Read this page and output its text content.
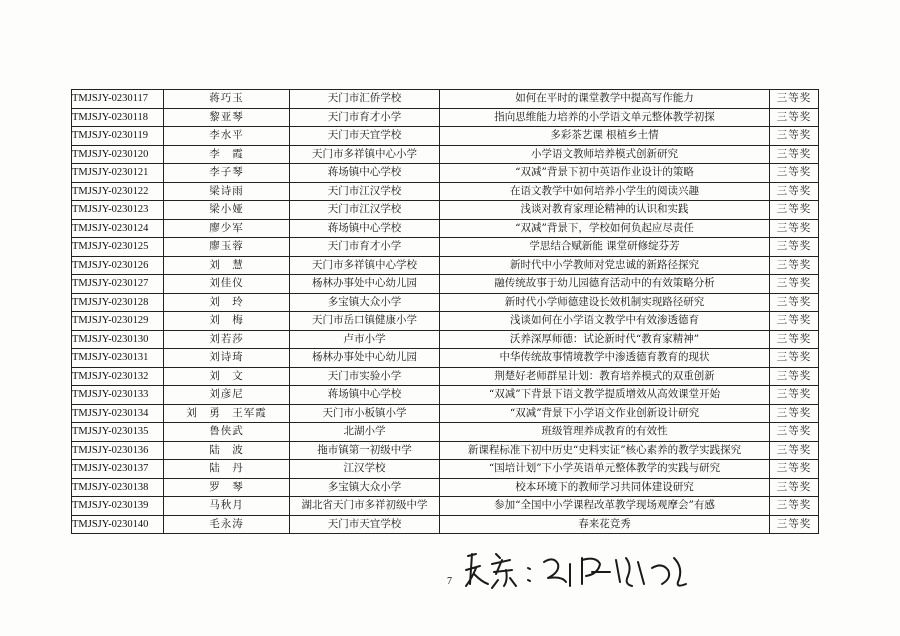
TMJSJY-0230117	蒋巧玉	天门市汇侨学校	如何在平时的课堂教学中提高写作能力	三等奖
TMJSJY-0230118	黎亚琴	天门市育才小学	指向思维能力培养的小学语文单元整体教学初探	三等奖
TMJSJY-0230119	李水平	天门市天宜学校	多彩茶艺课 根植乡土情	三等奖
TMJSJY-0230120	李　霞	天门市多祥镇中心小学	小学语文教师培养模式创新研究	三等奖
TMJSJY-0230121	李子琴	蒋场镇中心学校	“双减”背景下初中英语作业设计的策略	三等奖
TMJSJY-0230122	梁诗雨	天门市江汉学校	在语文教学中如何培养小学生的阅读兴趣	三等奖
TMJSJY-0230123	梁小娅	天门市江汉学校	浅谈对教育家理论精神的认识和实践	三等奖
TMJSJY-0230124	廖少军	蒋场镇中心学校	“双减”背景下，学校如何负起应尽责任	三等奖
TMJSJY-0230125	廖玉蓉	天门市育才小学	学思结合赋新能 课堂研修绽芬芳	三等奖
TMJSJY-0230126	刘　慧	天门市多祥镇中心学校	新时代中小学教师对党忠诚的新路径探究	三等奖
TMJSJY-0230127	刘佳仪	杨林办事处中心幼儿园	融传统故事于幼儿园德育活动中的有效策略分析	三等奖
TMJSJY-0230128	刘　玲	多宝镇大众小学	新时代小学师德建设长效机制实现路径研究	三等奖
TMJSJY-0230129	刘　梅	天门市岳口镇健康小学	浅谈如何在小学语文教学中有效渗透德育	三等奖
TMJSJY-0230130	刘若莎	卢市小学	沃养深厚师德：试论新时代“教育家精神”	三等奖
TMJSJY-0230131	刘诗琦	杨林办事处中心幼儿园	中华传统故事情境教学中渗透德育教育的现状	三等奖
TMJSJY-0230132	刘　文	天门市实验小学	荆楚好老师群星计划：教育培养模式的双重创新	三等奖
TMJSJY-0230133	刘彦尼	蒋场镇中心学校	“双减”下背景下语文教学提质增效从高效课堂开始	三等奖
TMJSJY-0230134	刘　勇　王军霞	天门市小板镇小学	“双减”背景下小学语文作业创新设计研究	三等奖
TMJSJY-0230135	鲁侠武	北湖小学	班级管理养成教育的有效性	三等奖
TMJSJY-0230136	陆　波	拖市镇第一初级中学	新课程标准下初中历史“史料实证”核心素养的教学实践探究	三等奖
TMJSJY-0230137	陆　丹	江汉学校	“国培计划”下小学英语单元整体教学的实践与研究	三等奖
TMJSJY-0230138	罗　琴	多宝镇大众小学	校本环境下的教师学习共同体建设研究	三等奖
TMJSJY-0230139	马秋月	湖北省天门市多祥初级中学	参加“全国中小学课程改革教学现场观摩会”有感	三等奖
TMJSJY-0230140	毛永涛	天门市天宜学校	春来花竞秀	三等奖
7
